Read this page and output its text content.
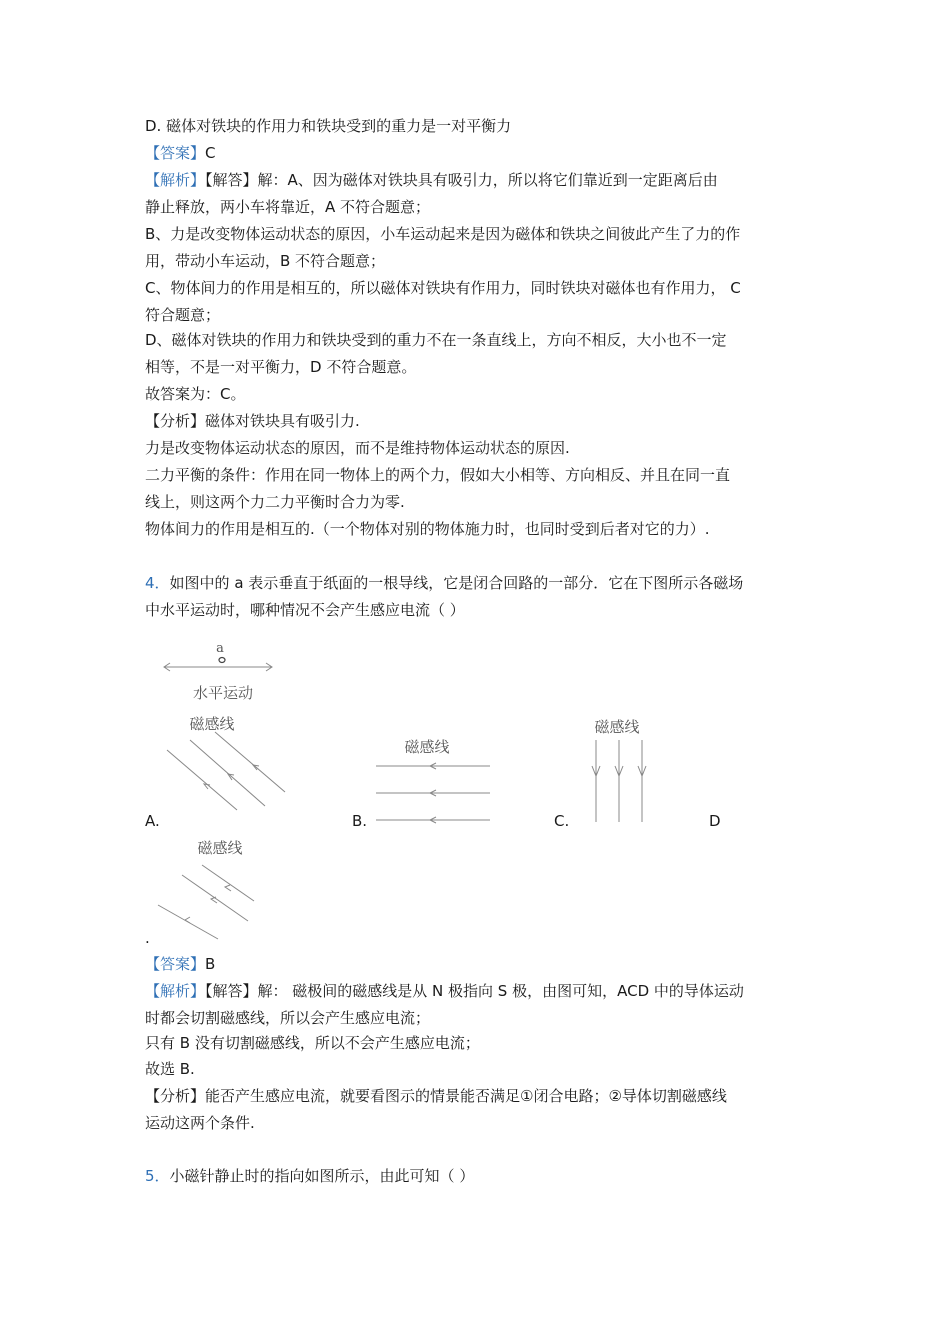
D. 磁体对铁块的作用力和铁块受到的重力是一对平衡力
【答案】C
【解析】【解答】解：A、因为磁体对铁块具有吸引力，所以将它们靠近到一定距离后由
静止释放，两小车将靠近，A 不符合题意；
B、力是改变物体运动状态的原因，小车运动起来是因为磁体和铁块之间彼此产生了力的作
用，带动小车运动，B 不符合题意；
C、物体间力的作用是相互的，所以磁体对铁块有作用力，同时铁块对磁体也有作用力， C
符合题意；
D、磁体对铁块的作用力和铁块受到的重力不在一条直线上，方向不相反，大小也不一定
相等，不是一对平衡力，D 不符合题意。
故答案为：C。
【分析】磁体对铁块具有吸引力.
力是改变物体运动状态的原因，而不是维持物体运动状态的原因.
二力平衡的条件：作用在同一物体上的两个力，假如大小相等、方向相反、并且在同一直
线上，则这两个力二力平衡时合力为零.
物体间力的作用是相互的.（一个物体对别的物体施力时，也同时受到后者对它的力）.
4．如图中的 a 表示垂直于纸面的一根导线，它是闭合回路的一部分．它在下图所示各磁场
中水平运动时，哪种情况不会产生感应电流（ ）
a
水平运动
磁感线
A.
磁感线
B.
磁感线
C.	D
磁感线
.
【答案】B
【解析】【解答】解： 磁极间的磁感线是从 N 极指向 S 极，由图可知，ACD 中的导体运动
时都会切割磁感线，所以会产生感应电流；
只有 B 没有切割磁感线，所以不会产生感应电流；
故选 B.
【分析】能否产生感应电流，就要看图示的情景能否满足①闭合电路；②导体切割磁感线
运动这两个条件.
5．小磁针静止时的指向如图所示，由此可知（ ）
